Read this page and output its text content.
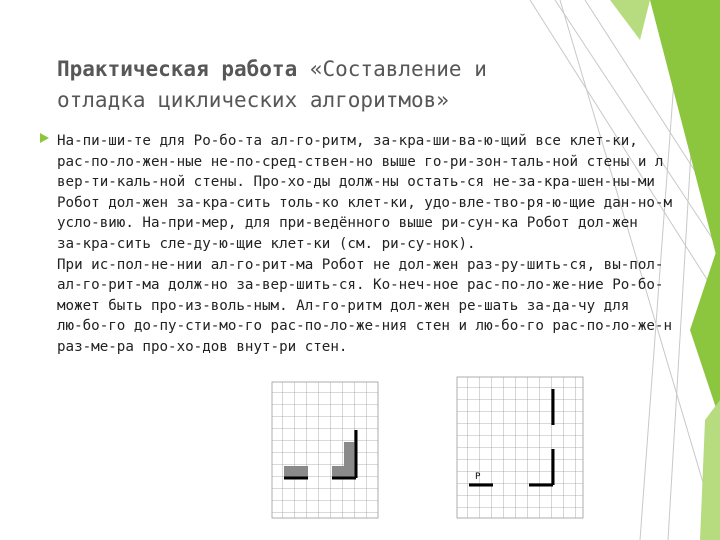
Практическая работа «Составление и отладка циклических алгоритмов»
На-пи-ши-те для Ро-бо-та ал-го-ритм, за-кра-ши-ва-ю-щий все клет-ки,
рас-по-ло-жен-ные не-по-сред-ствен-но выше го-ри-зон-таль-ной стены и л
вер-ти-каль-ной стены. Про-хо-ды долж-ны остать-ся не-за-кра-шен-ны-ми
Робот дол-жен за-кра-сить толь-ко клет-ки, удо-вле-тво-ря-ю-щие дан-но-м
усло-вию. На-при-мер, для при-ведённого выше ри-сун-ка Робот дол-жен
за-кра-сить сле-ду-ю-щие клет-ки (см. ри-су-нок).
При ис-пол-не-нии ал-го-рит-ма Робот не дол-жен раз-ру-шить-ся, вы-пол-
ал-го-рит-ма долж-но за-вер-шить-ся. Ко-неч-ное рас-по-ло-же-ние Ро-бо-
может быть про-из-воль-ным. Ал-го-ритм дол-жен ре-шать за-да-чу для
лю-бо-го до-пу-сти-мо-го рас-по-ло-же-ния стен и лю-бо-го рас-по-ло-же-н
раз-ме-ра про-хо-дов внут-ри стен.
Р
